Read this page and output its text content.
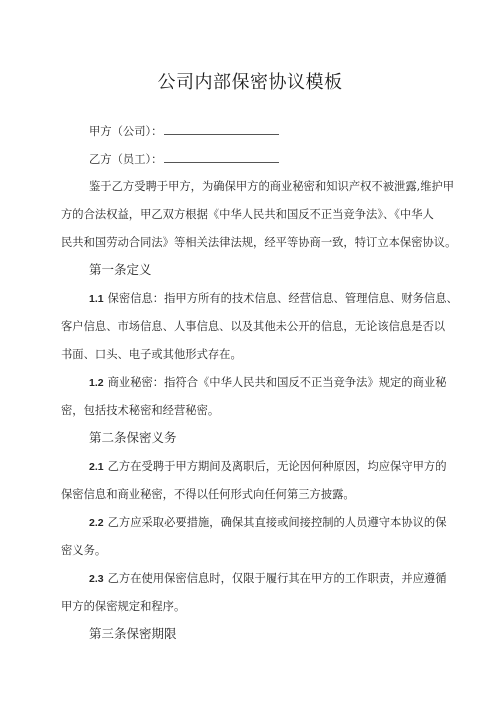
公司内部保密协议模板
甲方（公司）：
乙方（员工）：
鉴于乙方受聘于甲方，为确保甲方的商业秘密和知识产权不被泄露,维护甲
方的合法权益，甲乙双方根据《中华人民共和国反不正当竞争法》、《中华人
民共和国劳动合同法》等相关法律法规，经平等协商一致，特订立本保密协议。
第一条定义
1.1 保密信息：指甲方所有的技术信息、经营信息、管理信息、财务信息、
客户信息、市场信息、人事信息、以及其他未公开的信息，无论该信息是否以
书面、口头、电子或其他形式存在。
1.2 商业秘密：指符合《中华人民共和国反不正当竞争法》规定的商业秘
密，包括技术秘密和经营秘密。
第二条保密义务
2.1 乙方在受聘于甲方期间及离职后，无论因何种原因，均应保守甲方的
保密信息和商业秘密，不得以任何形式向任何第三方披露。
2.2 乙方应采取必要措施，确保其直接或间接控制的人员遵守本协议的保
密义务。
2.3 乙方在使用保密信息时，仅限于履行其在甲方的工作职责，并应遵循
甲方的保密规定和程序。
第三条保密期限
